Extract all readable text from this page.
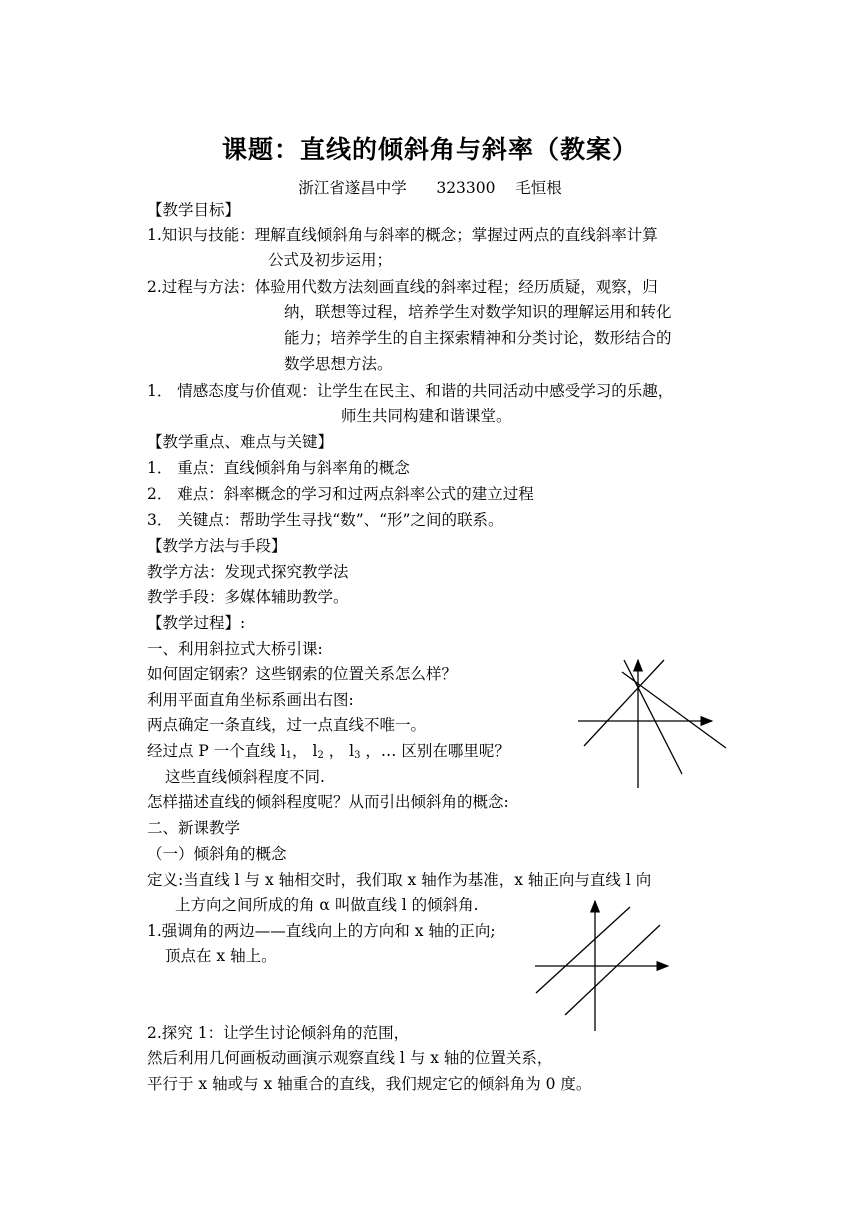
课题：直线的倾斜角与斜率（教案）
浙江省遂昌中学      323300    毛恒根
【教学目标】
1.知识与技能：理解直线倾斜角与斜率的概念；掌握过两点的直线斜率计算
公式及初步运用；
2.过程与方法：体验用代数方法刻画直线的斜率过程；经历质疑，观察，归
纳，联想等过程，培养学生对数学知识的理解运用和转化
能力；培养学生的自主探索精神和分类讨论，数形结合的
数学思想方法。
1． 情感态度与价值观：让学生在民主、和谐的共同活动中感受学习的乐趣，
师生共同构建和谐课堂。
【教学重点、难点与关键】
1． 重点：直线倾斜角与斜率角的概念
2． 难点：斜率概念的学习和过两点斜率公式的建立过程
3． 关键点：帮助学生寻找“数”、“形”之间的联系。
【教学方法与手段】
教学方法：发现式探究教学法
教学手段：多媒体辅助教学。
【教学过程】:
一、利用斜拉式大桥引课:
如何固定钢索？这些钢索的位置关系怎么样？
利用平面直角坐标系画出右图:
两点确定一条直线，过一点直线不唯一。
经过点 P 一个直线 $l_1$， $l_2$ ， $l_3$ ，… 区别在哪里呢？
这些直线倾斜程度不同.
怎样描述直线的倾斜程度呢？从而引出倾斜角的概念:
二、新课教学
（一）倾斜角的概念
定义:当直线 l 与 x 轴相交时，我们取 x 轴作为基准，x 轴正向与直线 l 向
上方向之间所成的角 α 叫做直线 l 的倾斜角.
1.强调角的两边——直线向上的方向和 x 轴的正向;
顶点在 x 轴上。
2.探究 1：让学生讨论倾斜角的范围，
然后利用几何画板动画演示观察直线 l 与 x 轴的位置关系，
平行于 x 轴或与 x 轴重合的直线，我们规定它的倾斜角为 0 度。
